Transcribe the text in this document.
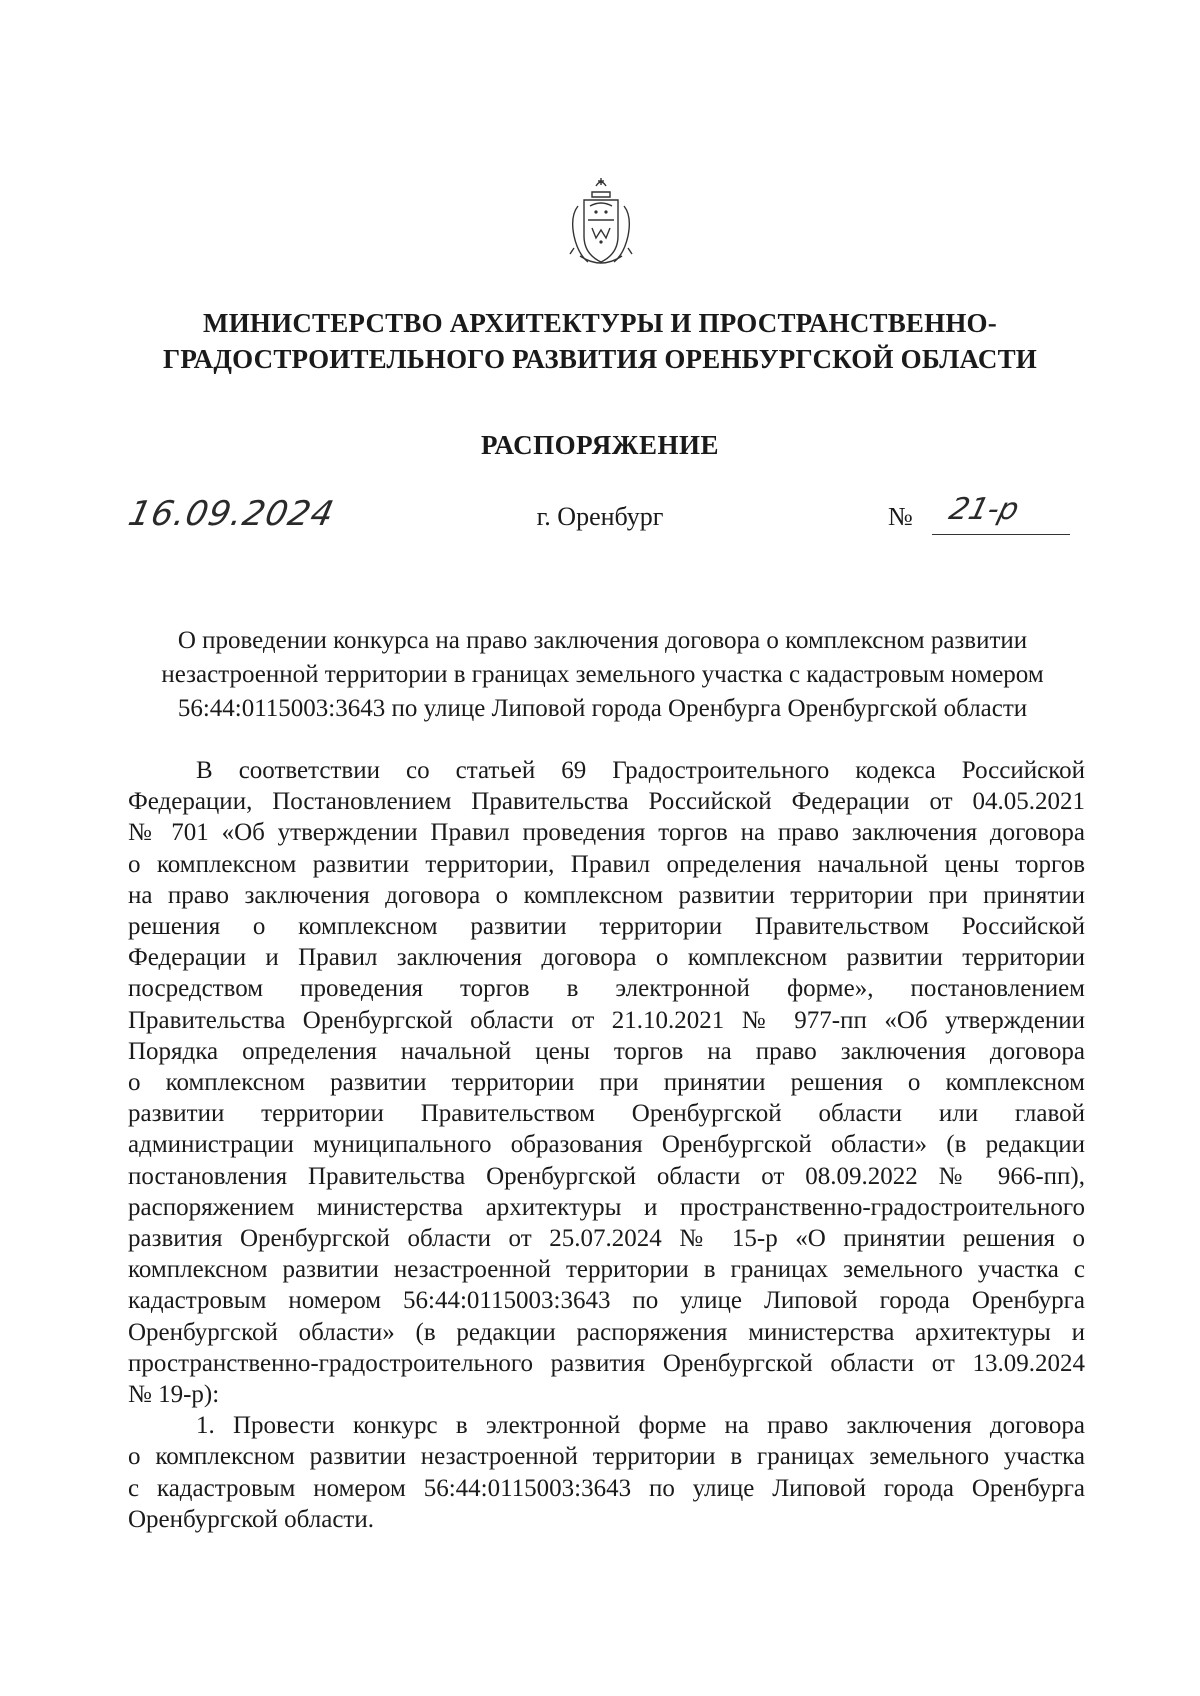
МИНИСТЕРСТВО АРХИТЕКТУРЫ И ПРОСТРАНСТВЕННО-
ГРАДОСТРОИТЕЛЬНОГО РАЗВИТИЯ ОРЕНБУРГСКОЙ ОБЛАСТИ
РАСПОРЯЖЕНИЕ
16.09.2024	г. Оренбург	№ 21-р
О проведении конкурса на право заключения договора о комплексном развитии
незастроенной территории в границах земельного участка с кадастровым номером
56:44:0115003:3643 по улице Липовой города Оренбурга Оренбургской области
В соответствии со статьей 69 Градостроительного кодекса Российской
Федерации, Постановлением Правительства Российской Федерации от 04.05.2021
№ 701 «Об утверждении Правил проведения торгов на право заключения договора
о комплексном развитии территории, Правил определения начальной цены торгов
на право заключения договора о комплексном развитии территории при принятии
решения о комплексном развитии территории Правительством Российской
Федерации и Правил заключения договора о комплексном развитии территории
посредством проведения торгов в электронной форме», постановлением
Правительства Оренбургской области от 21.10.2021 № 977-пп «Об утверждении
Порядка определения начальной цены торгов на право заключения договора
о комплексном развитии территории при принятии решения о комплексном
развитии территории Правительством Оренбургской области или главой
администрации муниципального образования Оренбургской области» (в редакции
постановления Правительства Оренбургской области от 08.09.2022 № 966-пп),
распоряжением министерства архитектуры и пространственно-градостроительного
развития Оренбургской области от 25.07.2024 № 15-р «О принятии решения о
комплексном развитии незастроенной территории в границах земельного участка с
кадастровым номером 56:44:0115003:3643 по улице Липовой города Оренбурга
Оренбургской области» (в редакции распоряжения министерства архитектуры и
пространственно-градостроительного развития Оренбургской области от 13.09.2024
№ 19-р):
1. Провести конкурс в электронной форме на право заключения договора
о комплексном развитии незастроенной территории в границах земельного участка
с кадастровым номером 56:44:0115003:3643 по улице Липовой города Оренбурга
Оренбургской области.
